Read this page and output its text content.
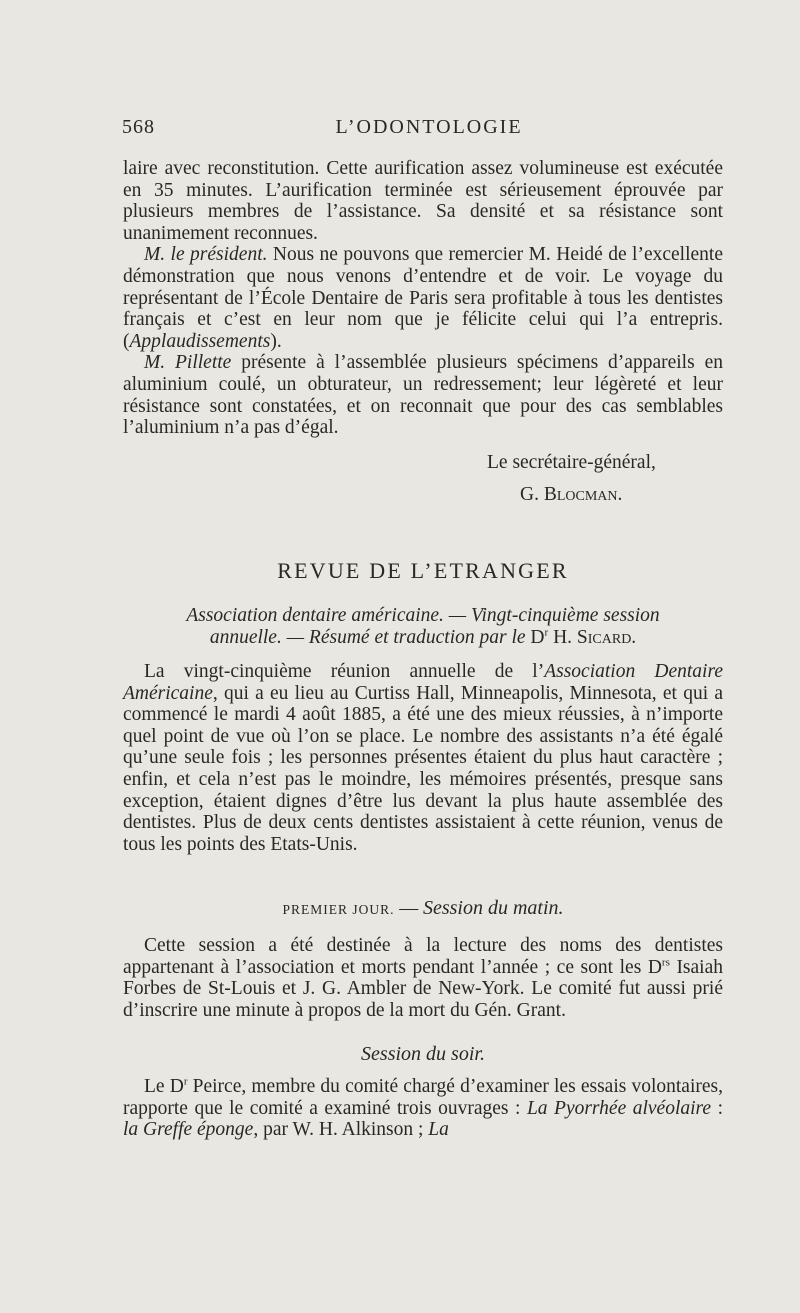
568	L’ODONTOLOGIE

laire avec reconstitution. Cette aurification assez volumineuse est exécutée en 35 minutes. L’aurification terminée est sérieusement éprouvée par plusieurs membres de l’assistance. Sa densité et sa résistance sont unanimement reconnues.

M. le président. Nous ne pouvons que remercier M. Heidé de l’excellente démonstration que nous venons d’entendre et de voir. Le voyage du représentant de l’École Dentaire de Paris sera profitable à tous les dentistes français et c’est en leur nom que je félicite celui qui l’a entrepris. (Applaudissements).

M. Pillette présente à l’assemblée plusieurs spécimens d’appareils en aluminium coulé, un obturateur, un redressement; leur légèreté et leur résistance sont constatées, et on reconnait que pour des cas semblables l’aluminium n’a pas d’égal.

Le secrétaire-général,
G. Blocman.
REVUE DE L’ETRANGER
Association dentaire américaine. — Vingt-cinquième session
annuelle. — Résumé et traduction par le $D^r$ H. Sicard.

La vingt-cinquième réunion annuelle de l’Association Dentaire Américaine, qui a eu lieu au Curtiss Hall, Minneapolis, Minnesota, et qui a commencé le mardi 4 août 1885, a été une des mieux réussies, à n’importe quel point de vue où l’on se place. Le nombre des assistants n’a été égalé qu’une seule fois ; les personnes présentes étaient du plus haut caractère ; enfin, et cela n’est pas le moindre, les mémoires présentés, presque sans exception, étaient dignes d’être lus devant la plus haute assemblée des dentistes. Plus de deux cents dentistes assistaient à cette réunion, venus de tous les points des Etats-Unis.

PREMIER JOUR. — Session du matin.

Cette session a été destinée à la lecture des noms des dentistes appartenant à l’association et morts pendant l’année ; ce sont les $D^{rs}$ Isaiah Forbes de St-Louis et J. G. Ambler de New-York. Le comité fut aussi prié d’inscrire une minute à propos de la mort du Gén. Grant.

Session du soir.

Le $D^r$ Peirce, membre du comité chargé d’examiner les essais volontaires, rapporte que le comité a examiné trois ouvrages : La Pyorrhée alvéolaire : la Greffe éponge, par W. H. Alkinson ; La
